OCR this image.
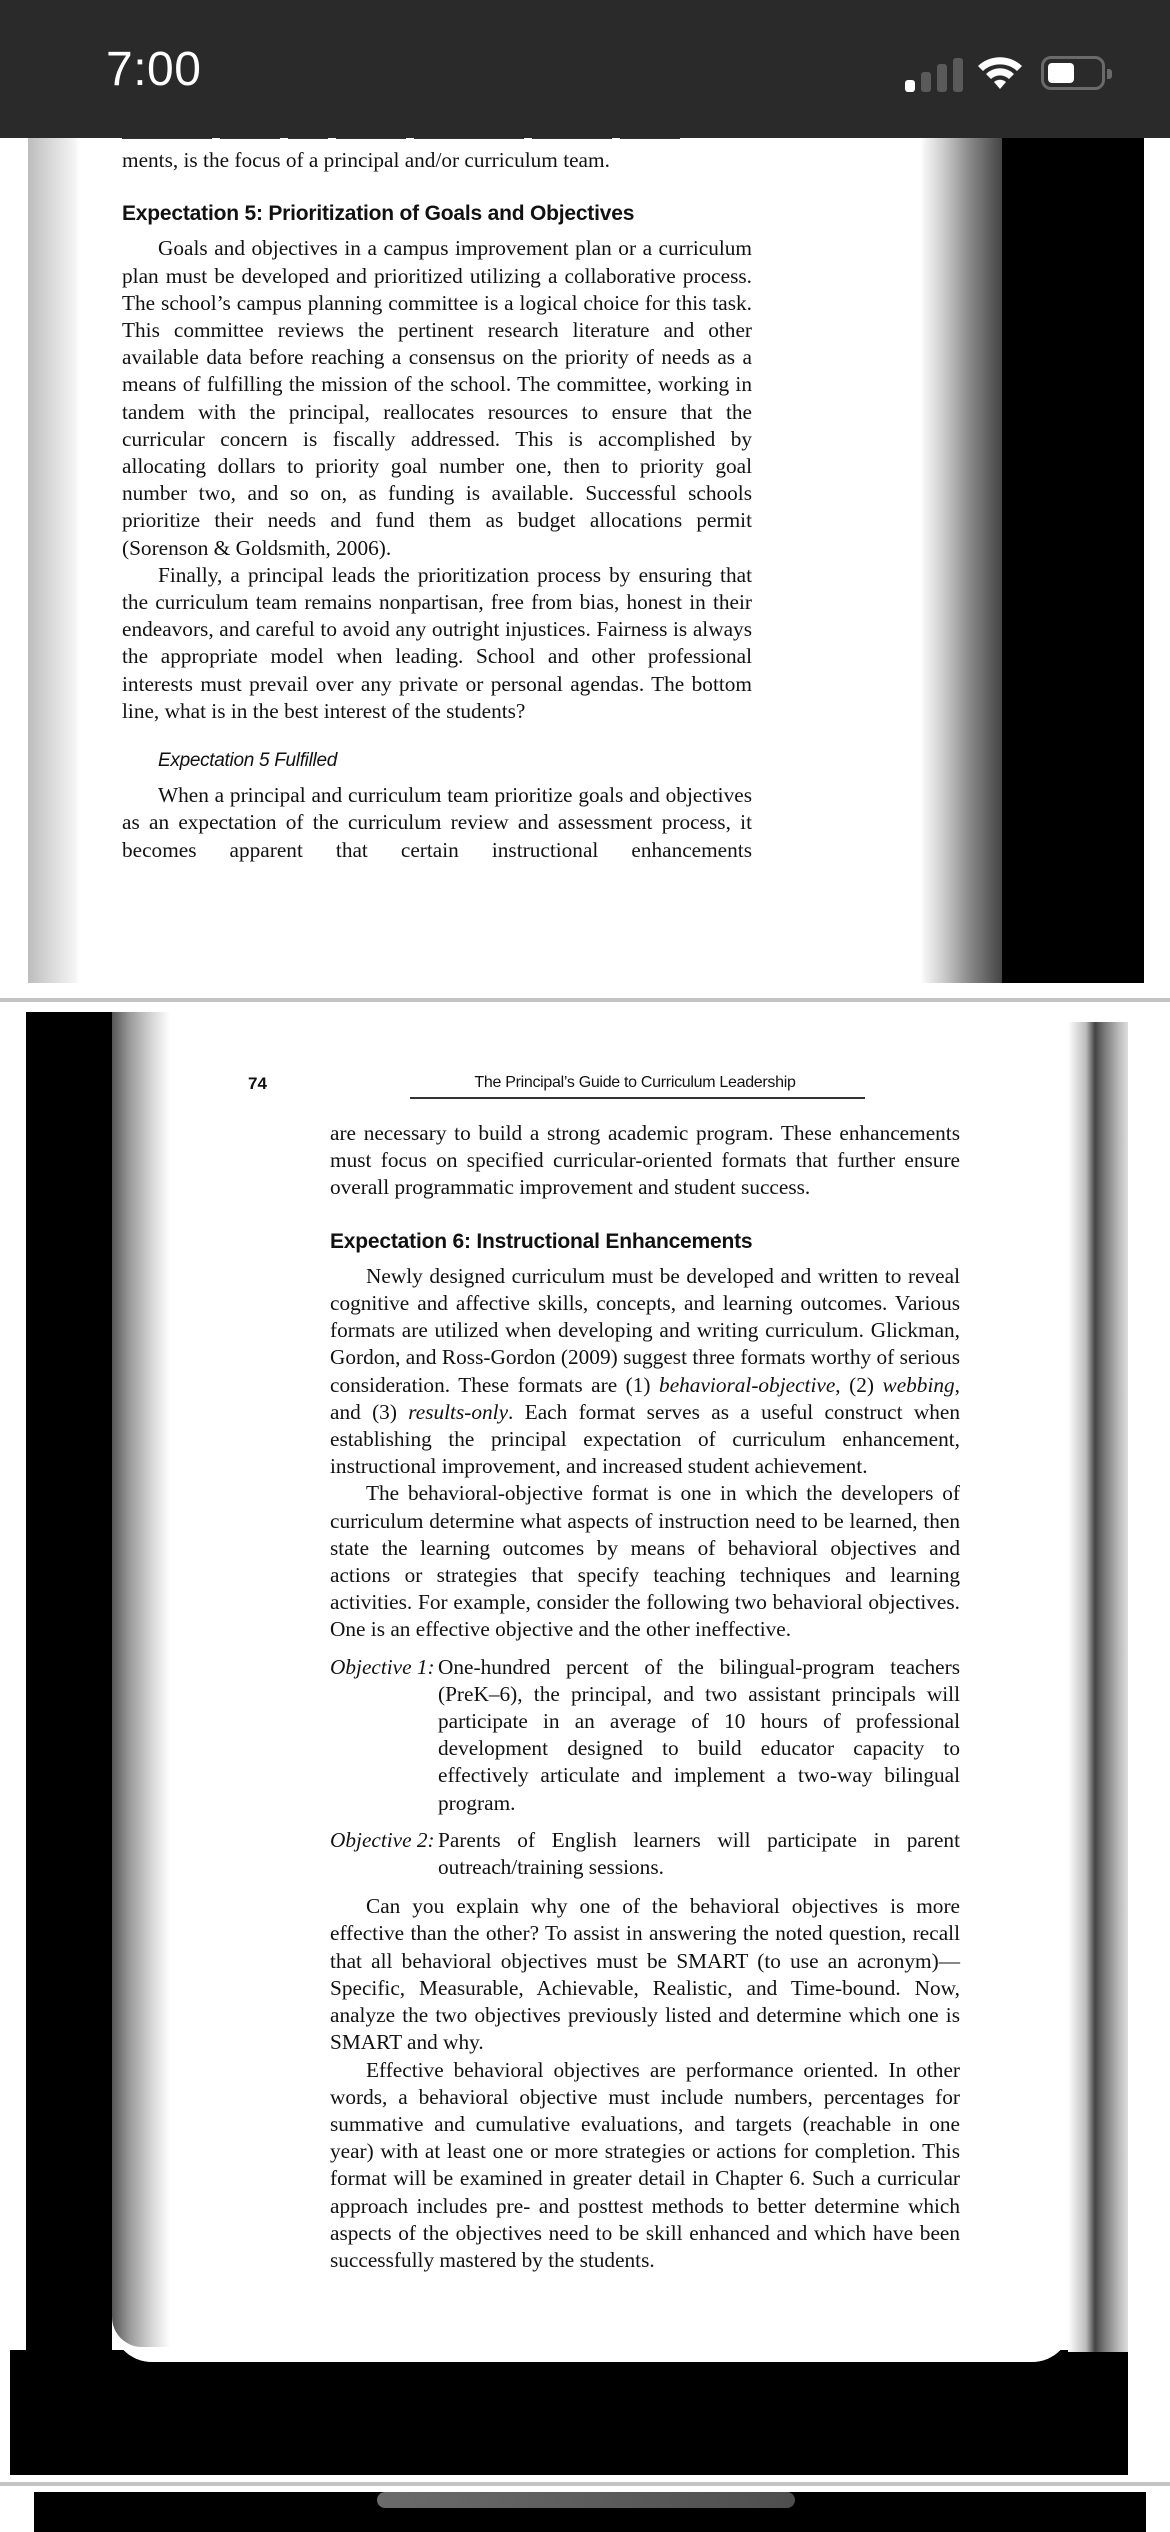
7:00

ments, is the focus of a principal and/or curriculum team.

Expectation 5: Prioritization of Goals and Objectives

Goals and objectives in a campus improvement plan or a curriculum plan must be developed and prioritized utilizing a collaborative process. The school’s campus planning committee is a logical choice for this task. This committee reviews the pertinent research literature and other available data before reaching a consensus on the priority of needs as a means of fulfilling the mission of the school. The committee, working in tandem with the principal, reallocates resources to ensure that the curricular concern is fiscally addressed. This is accomplished by allocating dollars to priority goal number one, then to priority goal number two, and so on, as funding is available. Successful schools prioritize their needs and fund them as budget allocations permit (Sorenson & Goldsmith, 2006).

Finally, a principal leads the prioritization process by ensuring that the curriculum team remains nonpartisan, free from bias, honest in their endeavors, and careful to avoid any outright injustices. Fairness is always the appropriate model when leading. School and other professional interests must prevail over any private or personal agendas. The bottom line, what is in the best interest of the students?

Expectation 5 Fulfilled

When a principal and curriculum team prioritize goals and objectives as an expectation of the curriculum review and assessment process, it becomes apparent that certain instructional enhancements

74	The Principal’s Guide to Curriculum Leadership

are necessary to build a strong academic program. These enhancements must focus on specified curricular-oriented formats that further ensure overall programmatic improvement and student success.

Expectation 6: Instructional Enhancements

Newly designed curriculum must be developed and written to reveal cognitive and affective skills, concepts, and learning outcomes. Various formats are utilized when developing and writing curriculum. Glickman, Gordon, and Ross-Gordon (2009) suggest three formats worthy of serious consideration. These formats are (1) behavioral-objective, (2) webbing, and (3) results-only. Each format serves as a useful construct when establishing the principal expectation of curriculum enhancement, instructional improvement, and increased student achievement.

The behavioral-objective format is one in which the developers of curriculum determine what aspects of instruction need to be learned, then state the learning outcomes by means of behavioral objectives and actions or strategies that specify teaching techniques and learning activities. For example, consider the following two behavioral objectives. One is an effective objective and the other ineffective.

Objective 1: One-hundred percent of the bilingual-program teachers (PreK–6), the principal, and two assistant principals will participate in an average of 10 hours of professional development designed to build educator capacity to effectively articulate and implement a two-way bilingual program.
Objective 2: Parents of English learners will participate in parent outreach/training sessions.

Can you explain why one of the behavioral objectives is more effective than the other? To assist in answering the noted question, recall that all behavioral objectives must be SMART (to use an acronym)—Specific, Measurable, Achievable, Realistic, and Time-bound. Now, analyze the two objectives previously listed and determine which one is SMART and why.

Effective behavioral objectives are performance oriented. In other words, a behavioral objective must include numbers, percentages for summative and cumulative evaluations, and targets (reachable in one year) with at least one or more strategies or actions for completion. This format will be examined in greater detail in Chapter 6. Such a curricular approach includes pre- and posttest methods to better determine which aspects of the objectives need to be skill enhanced and which have been successfully mastered by the students.
